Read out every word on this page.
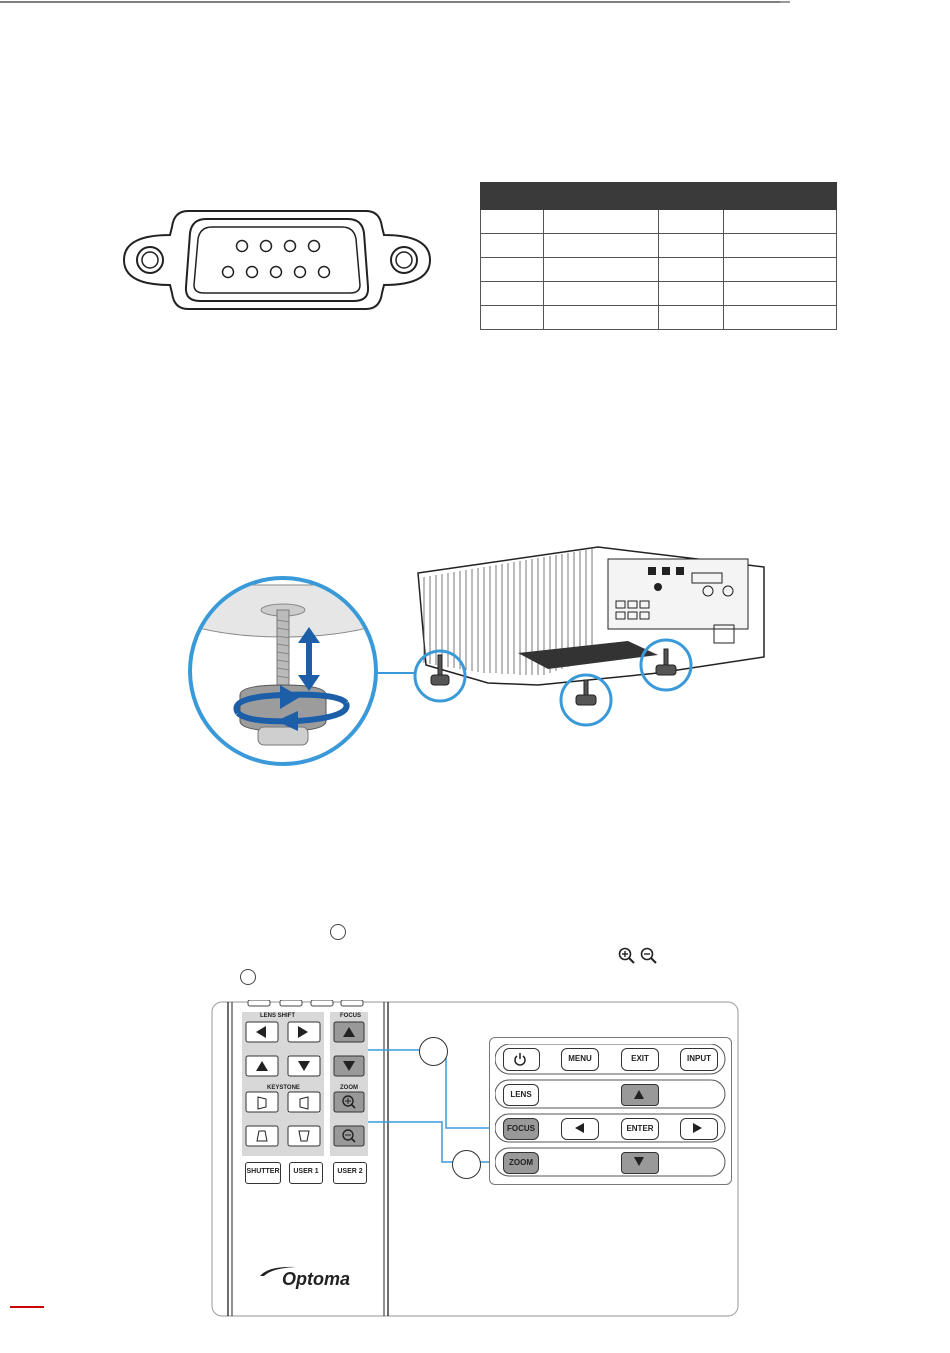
LENS SHIFT	FOCUS
KEYSTONE	ZOOM
SHUTTER	USER 1	USER 2
Optoma
MENU	EXIT	INPUT
LENS
FOCUS	ENTER
ZOOM
